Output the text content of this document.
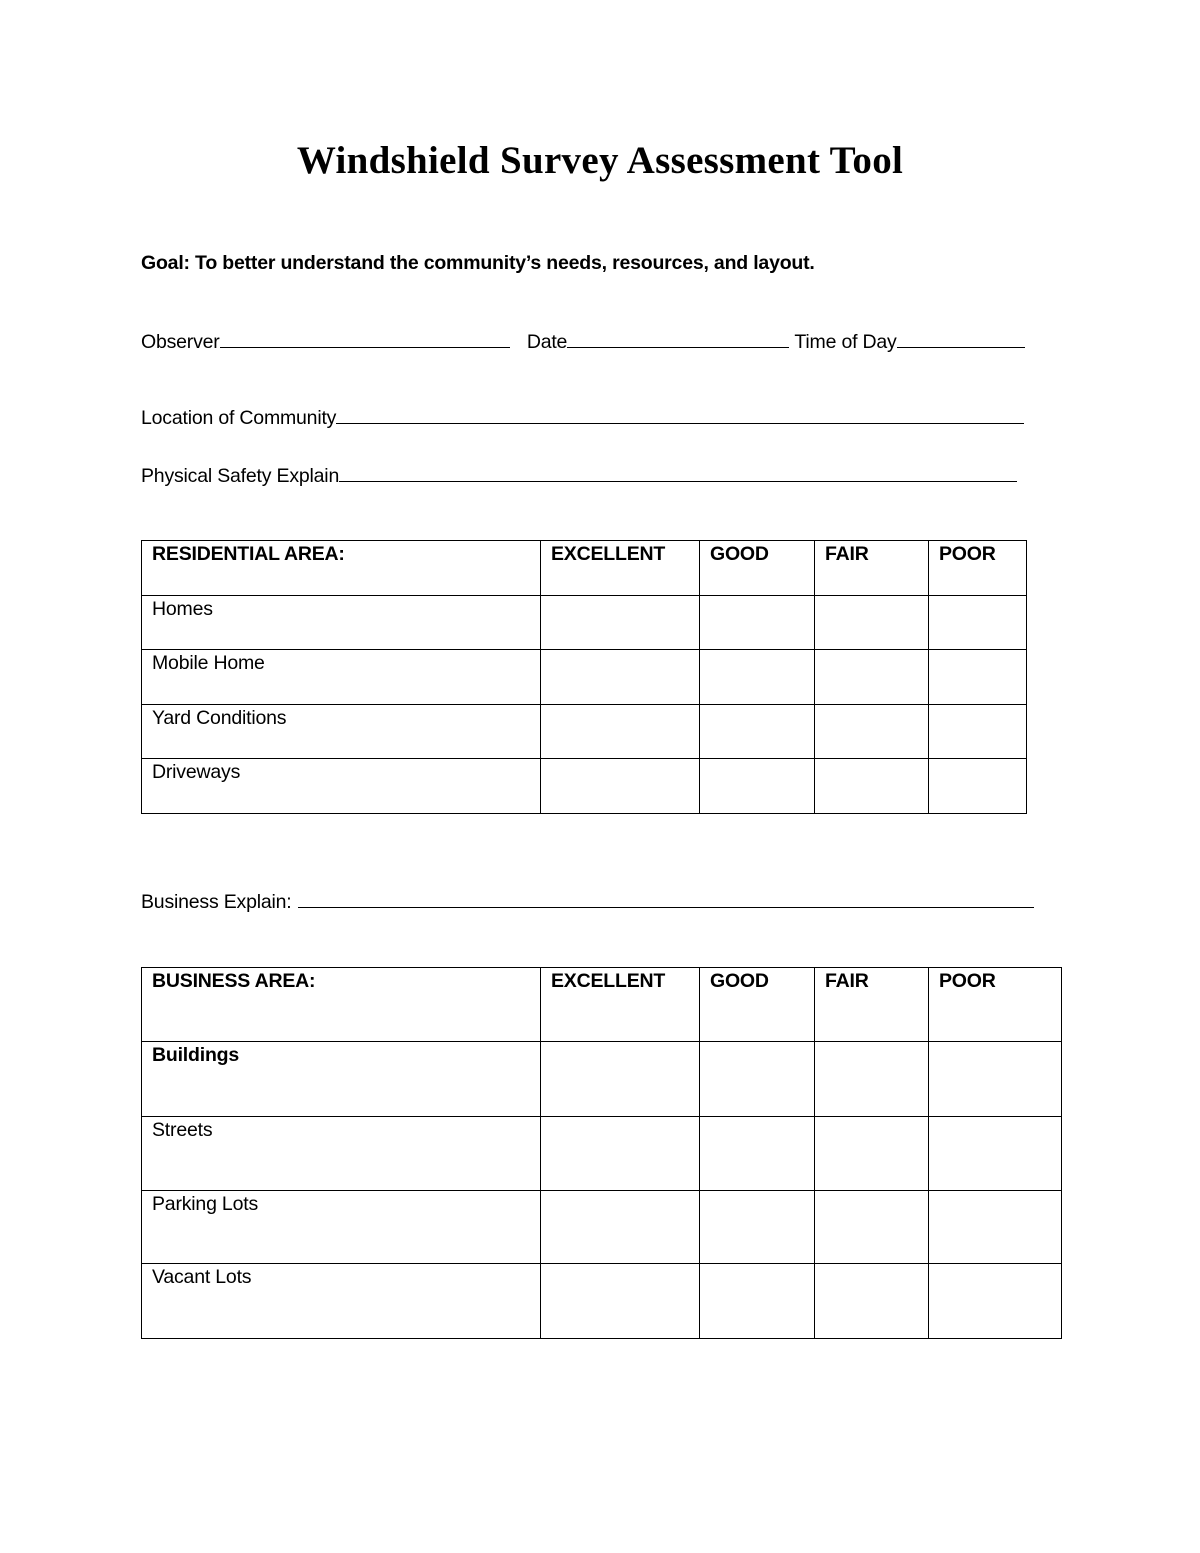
Windshield Survey Assessment Tool
Goal: To better understand the community’s needs, resources, and layout.
Observer
	Date
	Time of Day
Location of Community
Physical Safety Explain
RESIDENTIAL AREA:	EXCELLENT	GOOD	FAIR	POOR
Homes				
Mobile Home				
Yard Conditions				
Driveways				
Business Explain:
BUSINESS AREA:	EXCELLENT	GOOD	FAIR	POOR
Buildings				
Streets				
Parking Lots				
Vacant Lots				
